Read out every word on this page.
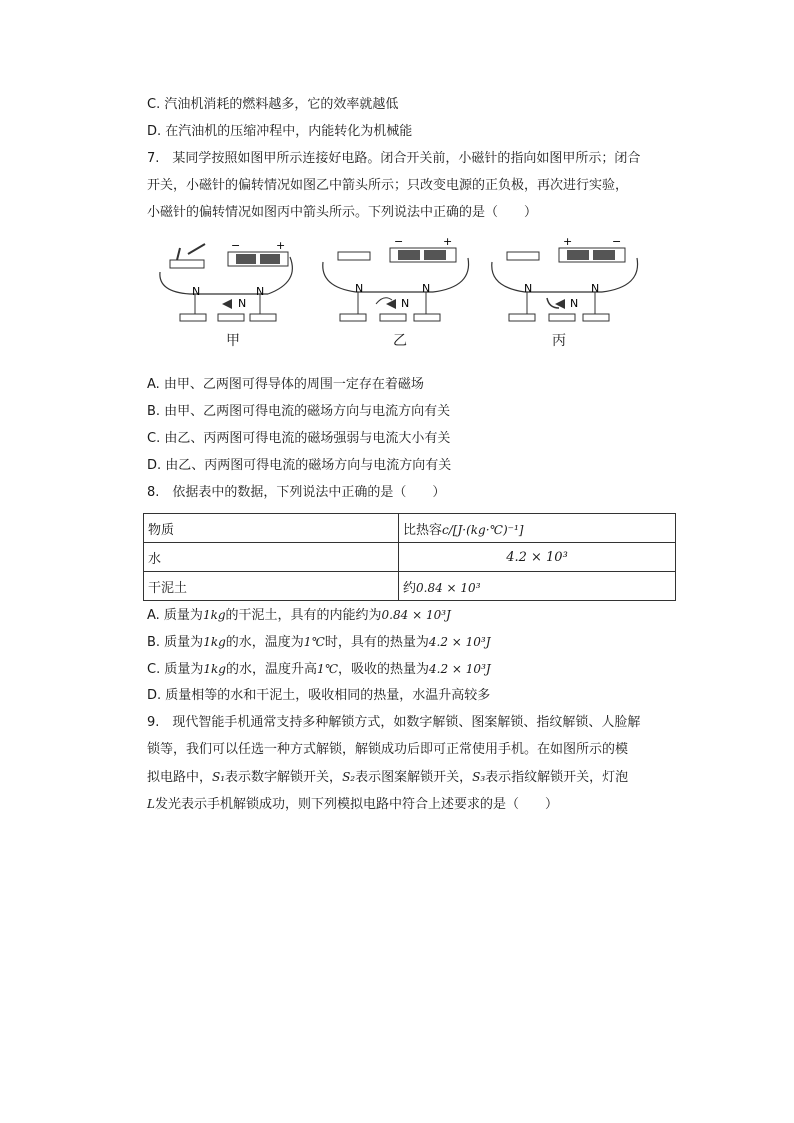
C. 汽油机消耗的燃料越多，它的效率就越低
D. 在汽油机的压缩冲程中，内能转化为机械能
7.　某同学按照如图甲所示连接好电路。闭合开关前，小磁针的指向如图甲所示；闭合
开关，小磁针的偏转情况如图乙中箭头所示；只改变电源的正负极，再次进行实验，
小磁针的偏转情况如图丙中箭头所示。下列说法中正确的是（　　）
−	+
N	N
N
−	+
N	N
N
+	−
N	N
N
甲	乙	丙
A. 由甲、乙两图可得导体的周围一定存在着磁场
B. 由甲、乙两图可得电流的磁场方向与电流方向有关
C. 由乙、丙两图可得电流的磁场强弱与电流大小有关
D. 由乙、丙两图可得电流的磁场方向与电流方向有关
8.　依据表中的数据，下列说法中正确的是（　　）
物质	比热容c/[J·(kg·℃)⁻¹]
水	4.2 × 10³
干泥土	约0.84 × 10³
A. 质量为1kg的干泥土，具有的内能约为0.84 × 10³J
B. 质量为1kg的水，温度为1℃时，具有的热量为4.2 × 10³J
C. 质量为1kg的水，温度升高1℃，吸收的热量为4.2 × 10³J
D. 质量相等的水和干泥土，吸收相同的热量，水温升高较多
9.　现代智能手机通常支持多种解锁方式，如数字解锁、图案解锁、指纹解锁、人脸解
锁等，我们可以任选一种方式解锁，解锁成功后即可正常使用手机。在如图所示的模
拟电路中，S₁表示数字解锁开关，S₂表示图案解锁开关，S₃表示指纹解锁开关，灯泡
L发光表示手机解锁成功，则下列模拟电路中符合上述要求的是（　　）
